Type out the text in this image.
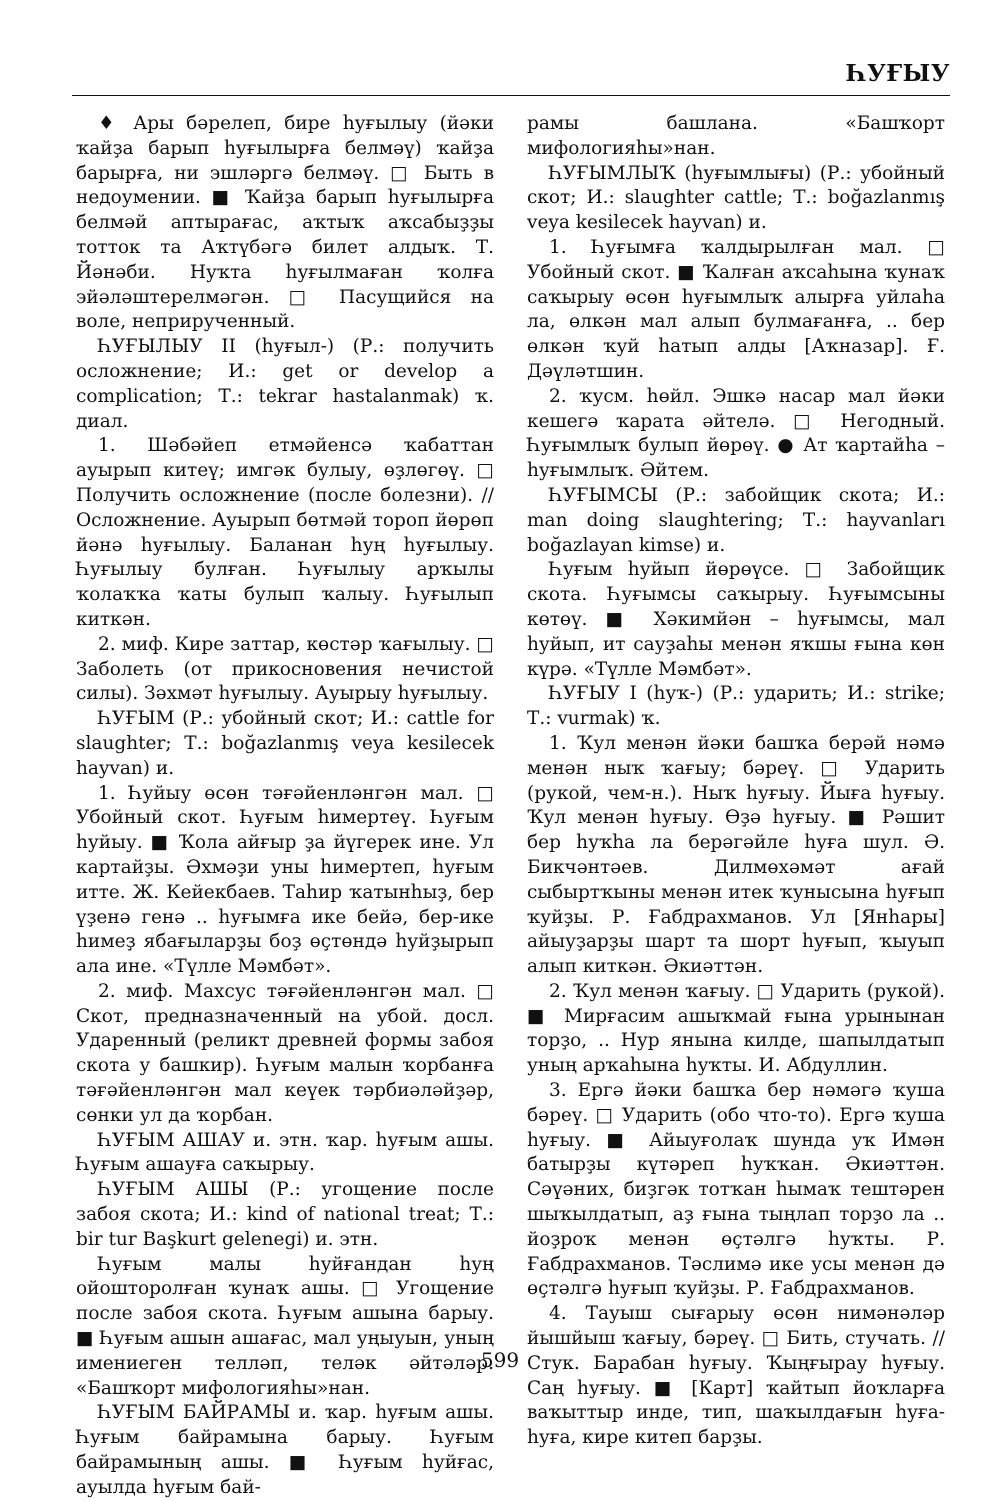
ҺУҒЫУ

♦ Ары бәрелеп, бире һуғылыу (йәки ҡайҙа барып һуғылырға белмәү) ҡайҙа барырға, ни эшләргә белмәү. □ Быть в недоумении. ■ Ҡайҙа барып һуғылырға белмәй аптырағас, аҡтыҡ аҡсабыҙҙы тотток та Аҡтүбәгә билет алдыҡ. Т. Йәнәби. Нуҡта һуғылмаған ҡолға эйәләштерелмәгән. □ Пасущийся на воле, неприрученный.

ҺУҒЫЛЫУ II (һуғыл-) (Р.: получить осложнение; И.: get or develop a complication; Т.: tekrar hastalanmak) ҡ. диал.

1. Шәбәйеп етмәйенсә ҡабаттан ауырып китеү; имгәк булыу, өҙлөгөү. □ Получить осложнение (после болезни). // Осложнение. Ауырып бөтмәй тороп йөрөп йәнә һуғылыу. Баланан һуң һуғылыу. Һуғылыу булған. Һуғылыу арҡылы ҡолаҡҡа ҡаты булып ҡалыу. Һуғылып киткән.

2. миф. Кире заттар, көстәр ҡағылыу. □ Заболеть (от прикосновения нечистой силы). Зәхмәт һуғылыу. Ауырыу һуғылыу.

ҺУҒЫМ (Р.: убойный скот; И.: cattle for slaughter; Т.: boğazlanmış veya kesilecek hayvan) и.

1. Һуйыу өсөн тәғәйенләнгән мал. □ Убойный скот. Һуғым һимертеү. Һуғым һуйыу. ■ Ҡола айғыр ҙа йүгерек ине. Ул картайҙы. Әхмәҙи уны һимертеп, һуғым итте. Ж. Кейекбаев. Таһир ҡатынһыҙ, бер үҙенә генә .. һуғымға ике бейә, бер-ике һимеҙ ябағыларҙы боҙ өҫтөндә һуйҙырып ала ине. «Түлле Мәмбәт».

2. миф. Махсус тәғәйенләнгән мал. □ Скот, предназначенный на убой. досл. Ударенный (реликт древней формы забоя скота у башкир). Һуғым малын ҡорбанға тәғәйенләнгән мал кеүек тәрбиәләйҙәр, сөнки ул да ҡорбан.

ҺУҒЫМ АШАУ и. этн. ҡар. һуғым ашы. Һуғым ашауға саҡырыу.

ҺУҒЫМ АШЫ (Р.: угощение после забоя скота; И.: kind of national treat; Т.: bir tur Başkurt gelenegi) и. этн.

Һуғым малы һуйғандан һуң ойошторолған ҡунаҡ ашы. □ Угощение после забоя скота. Һуғым ашына барыу. ■ Һуғым ашын ашағас, мал уңыуын, уның имениеген телләп, теләк әйтәләр. «Башҡорт мифологияһы»нан.

ҺУҒЫМ БАЙРАМЫ и. ҡар. һуғым ашы. Һуғым байрамына барыу. Һуғым байрамының ашы. ■ Һуғым һуйғас, ауылда һуғым бай-

рамы башлана. «Башҡорт мифологияһы»нан.

ҺУҒЫМЛЫҠ (һуғымлығы) (Р.: убойный скот; И.: slaughter cattle; Т.: boğazlanmış veya kesilecek hayvan) и.

1. Һуғымға ҡалдырылған мал. □ Убойный скот. ■ Ҡалған аҡсаһына ҡунаҡ саҡырыу өсөн һуғымлыҡ алырға уйлаһа ла, өлкән мал алып булмағанға, .. бер өлкән ҡуй һатып алды [Аҡназар]. Ғ. Дәүләтшин.

2. ҡусм. һөйл. Эшкә насар мал йәки кешегә ҡарата әйтелә. □ Негодный. Һуғымлыҡ булып йөрөү. ● Ат ҡартайһа – һуғымлыҡ. Әйтем.

ҺУҒЫМСЫ (Р.: забойщик скота; И.: man doing slaughtering; Т.: hayvanları boğazlayan kimse) и.

Һуғым һуйып йөрөүсе. □ Забойщик скота. Һуғымсы саҡырыу. Һуғымсыны көтөү. ■ Хәкимйән – һуғымсы, мал һуйып, ит сауҙаһы менән яҡшы ғына көн күрә. «Түлле Мәмбәт».

ҺУҒЫУ I (һуҡ-) (Р.: ударить; И.: strike; Т.: vurmak) ҡ.

1. Ҡул менән йәки башҡа берәй нәмә менән ныҡ ҡағыу; бәреү. □ Ударить (рукой, чем-н.). Ныҡ һуғыу. Йыға һуғыу. Ҡул менән һуғыу. Өҙә һуғыу. ■ Рәшит бер һуҡһа ла берәгәйле һуға шул. Ә. Бикчәнтәев. Дилмөхәмәт ағай сыбыртҡыны менән итек ҡунысына һуғып ҡуйҙы. Р. Ғабдрахманов. Ул [Янһары] айыуҙарҙы шарт та шорт һуғып, ҡыуып алып киткән. Әкиәттән.

2. Ҡул менән ҡағыу. □ Ударить (рукой). ■ Мирғасим ашыҡмай ғына урынынан торҙо, .. Нур янына килде, шапылдатып уның арҡаһына һуҡты. И. Абдуллин.

3. Ергә йәки башҡа бер нәмәгә ҡуша бәреү. □ Ударить (обо что-то). Ергә ҡуша һуғыу. ■ Айыуғолаҡ шунда уҡ Имән батырҙы күтәреп һуҡҡан. Әкиәттән. Сәүәних, биҙгәк тотҡан һымаҡ тештәрен шыҡылдатып, аҙ ғына тыңлап торҙо ла .. йоҙроҡ менән өҫтәлгә һуҡты. Р. Ғабдрахманов. Тәслимә ике усы менән дә өҫтәлгә һуғып ҡуйҙы. Р. Ғабдрахманов.

4. Тауыш сығарыу өсөн нимәнәләр йышйыш ҡағыу, бәреү. □ Бить, стучать. // Стук. Барабан һуғыу. Ҡыңғырау һуғыу. Саң һуғыу. ■ [Карт] ҡайтып йоҡларға ваҡыттыр инде, тип, шаҡылдағын һуға-һуға, кире китеп барҙы.

599
